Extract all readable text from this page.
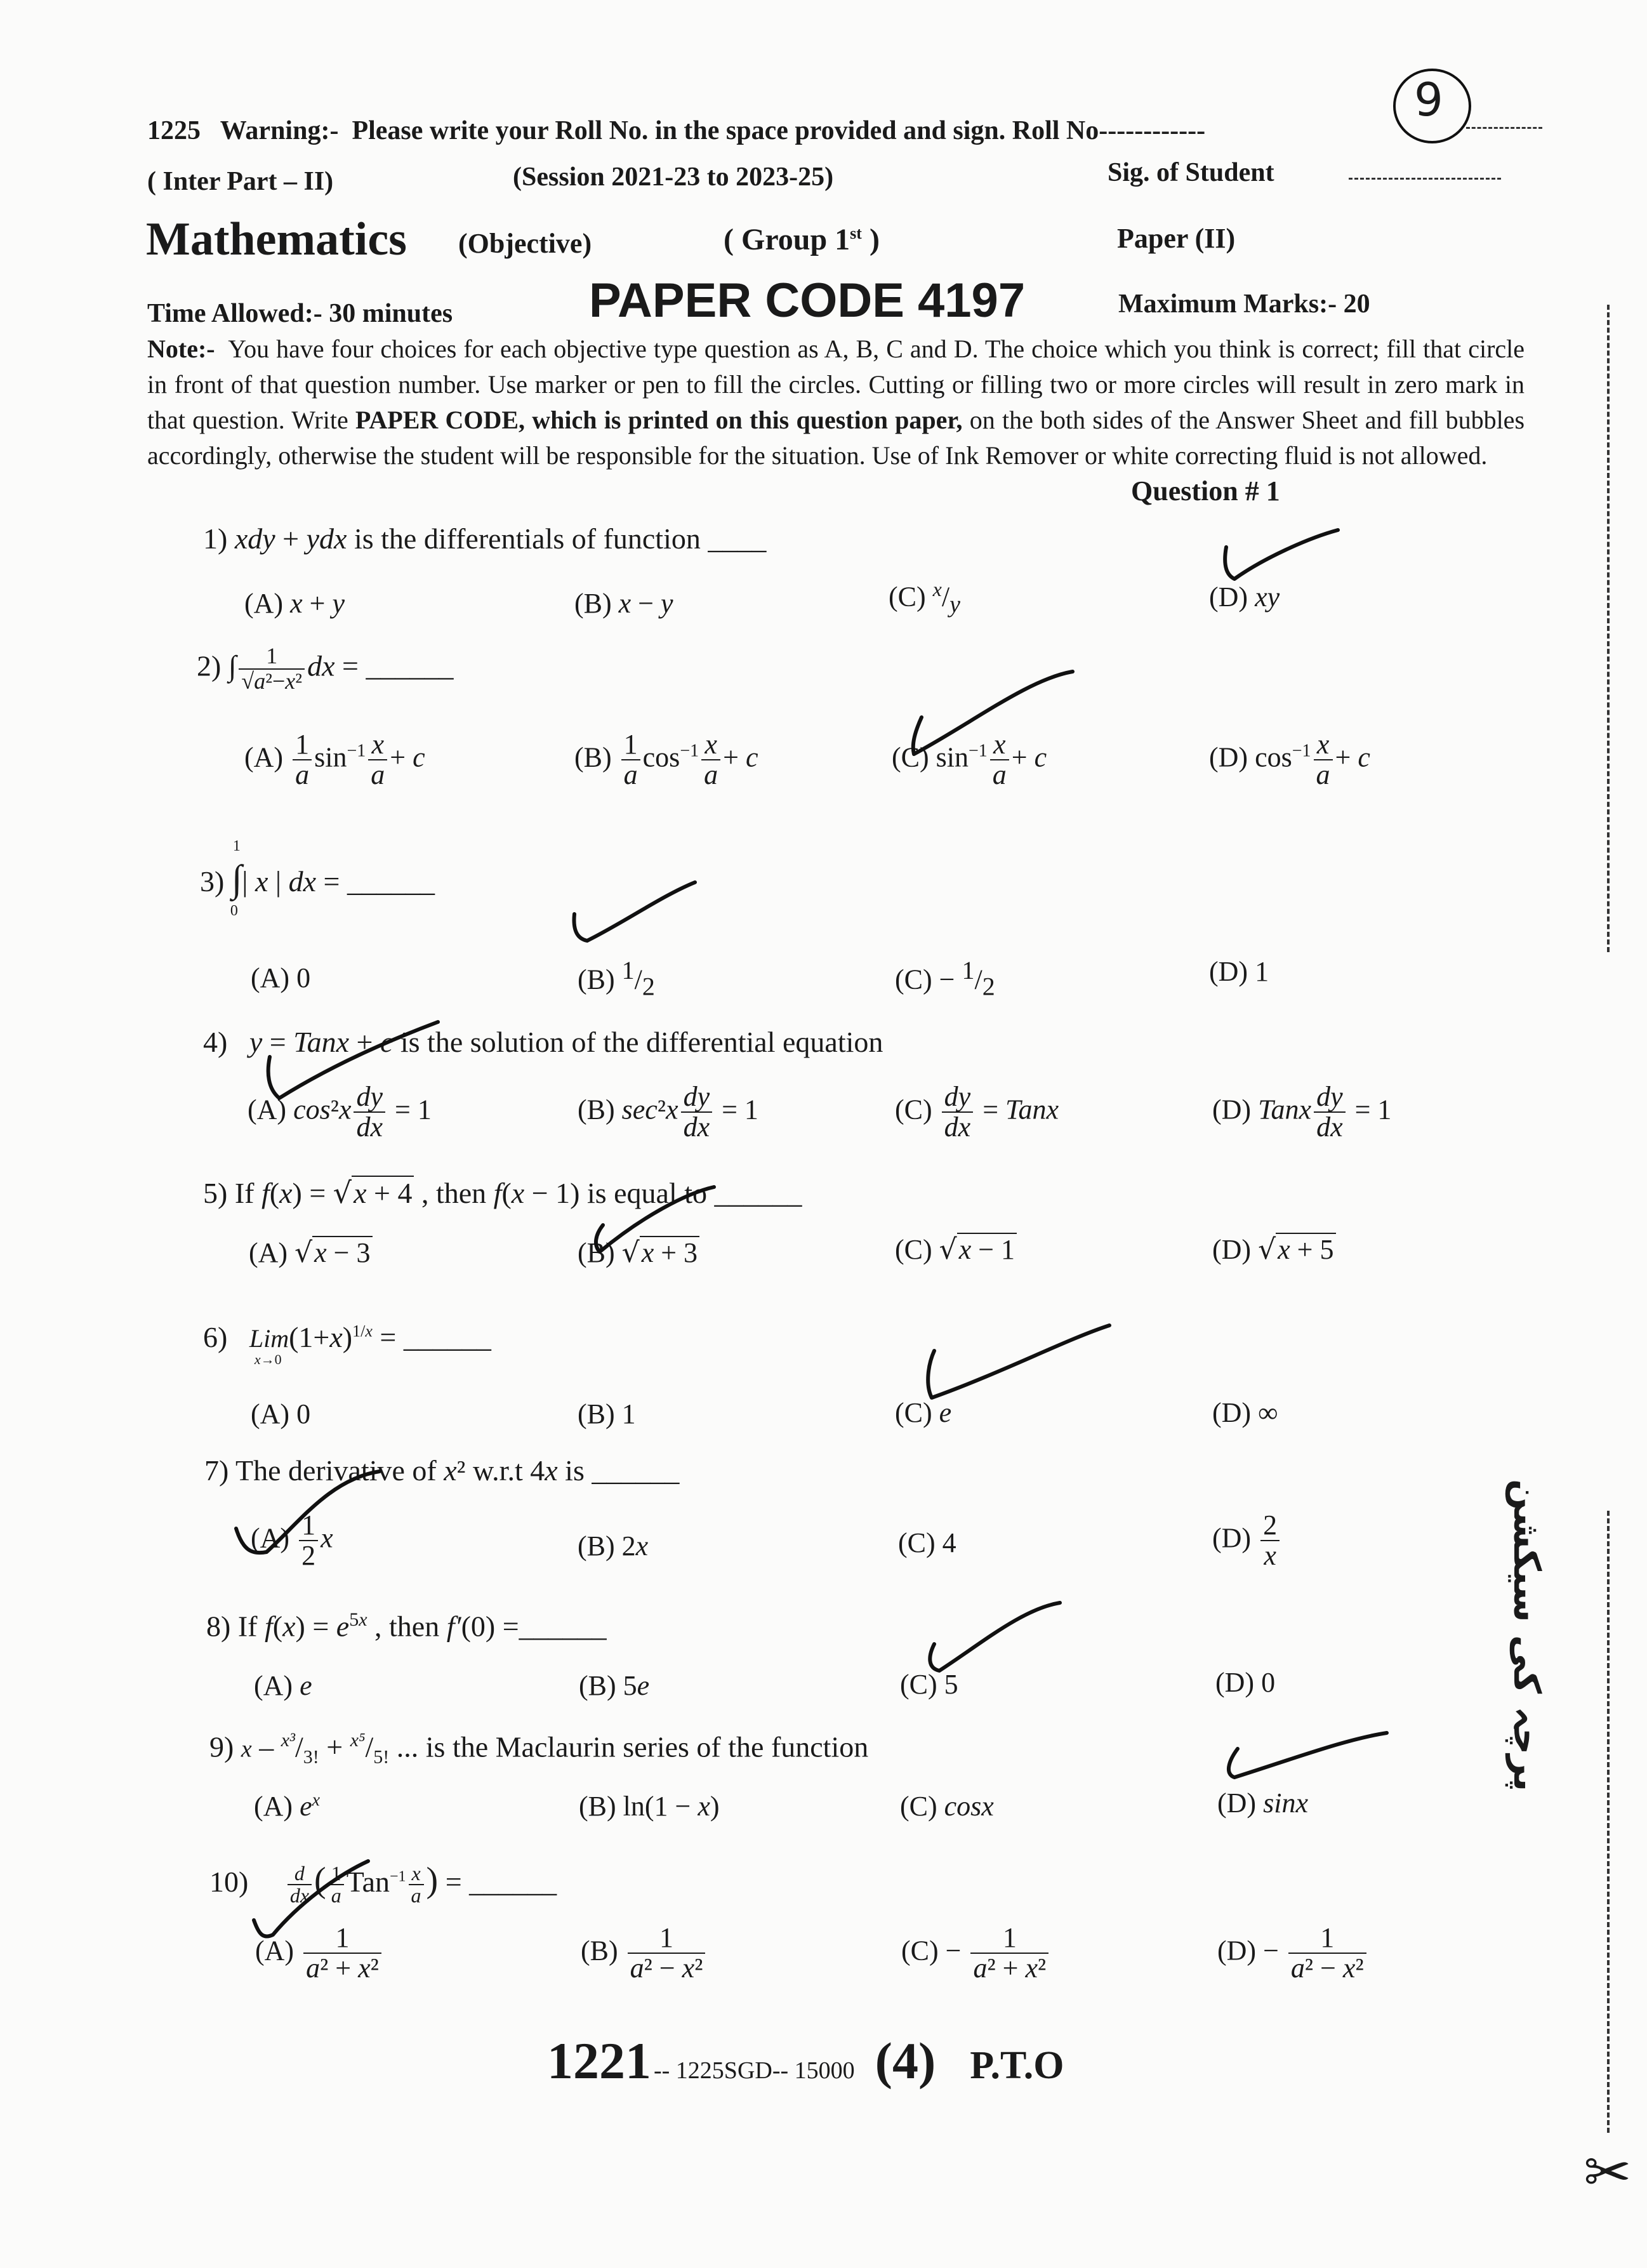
1225 Warning:- Please write your Roll No. in the space provided and sign. Roll No------------
9
( Inter Part – II)	(Session 2021-23 to 2023-25)	Sig. of Student
Mathematics (Objective)	( Group 1st )	Paper (II)
Time Allowed:- 30 minutes	PAPER CODE 4197	Maximum Marks:- 20
Note:- You have four choices for each objective type question as A, B, C and D. The choice which you think is correct; fill that circle in front of that question number. Use marker or pen to fill the circles. Cutting or filling two or more circles will result in zero mark in that question. Write PAPER CODE, which is printed on this question paper, on the both sides of the Answer Sheet and fill bubbles accordingly, otherwise the student will be responsible for the situation. Use of Ink Remover or white correcting fluid is not allowed.
Question # 1
1) xdy + ydx is the differentials of function ____
(A) x + y	(B) x − y	(C) $^x/_y$	(D) xy
2) ∫ $\frac{1}{\text{√a²−x²}}$ dx = ______
$(A) \frac{1}{a} \sin^{-1} \frac{x}{a} + c$	$(B) \frac{1}{a} \cos^{-1} \frac{x}{a} + c$	(C) $\sin^{-1} \frac{x}{a} + c$	(D) $\cos^{-1} \frac{x}{a} + c$
3) ∫
1
0
| x | dx = ______
(A) 0	(B) $^1/_2$	$(C) - ^1/_2$	(D) 1
4)   y = Tanx + c is the solution of the differential equation
(A) $\cos^2x \frac{dy}{dx} = 1$	(B) $\sec^2x \frac{dy}{dx} = 1$	$(C) \frac{dy}{dx}$ = Tanx	(D) Tanx $\frac{dy}{dx} = 1$
5) If f(x) = √x + 4 , then f(x − 1) is equal to ______
(A) √x − 3	(B) √x + 3	(C) √x − 1	(D) √x + 5
6)   Lim
x→0
$(1+x)^{1/x}$ = ______
(A) 0	(B) 1	(C) e	(D) ∞
7) The derivative of x² w.r.t 4x is ______
$(A) \frac{1}{2}$ x	(B) 2x	(C) 4	$(D) \frac{2}{x}$
8) If $f(x) = e^{5x}$ , then f′(0) =______
(A) e	(B) 5e	(C) 5	(D) 0
9) $x - ^{x^3}/_{3!} + ^{x^5}/_{5!}$ ... is the Maclaurin series of the function
(A) $e^x$	(B) ln(1 − x)	(C) cosx	(D) sinx
$10) \frac{d}{dx}$ ( $\frac{1}{a} Tan^{-1} \frac{x}{a}$ ) = ______
$(A) \frac{1}{\text{a² + x²}}$	$(B) \frac{1}{\text{a² − x²}}$	$(C) - \frac{1}{\text{a² + x²}}$	$(D) - \frac{1}{\text{a² − x²}}$
1221 -- 1225SGD-- 15000 (4) P.T.O
پرچہ کی سیکشن
✂
